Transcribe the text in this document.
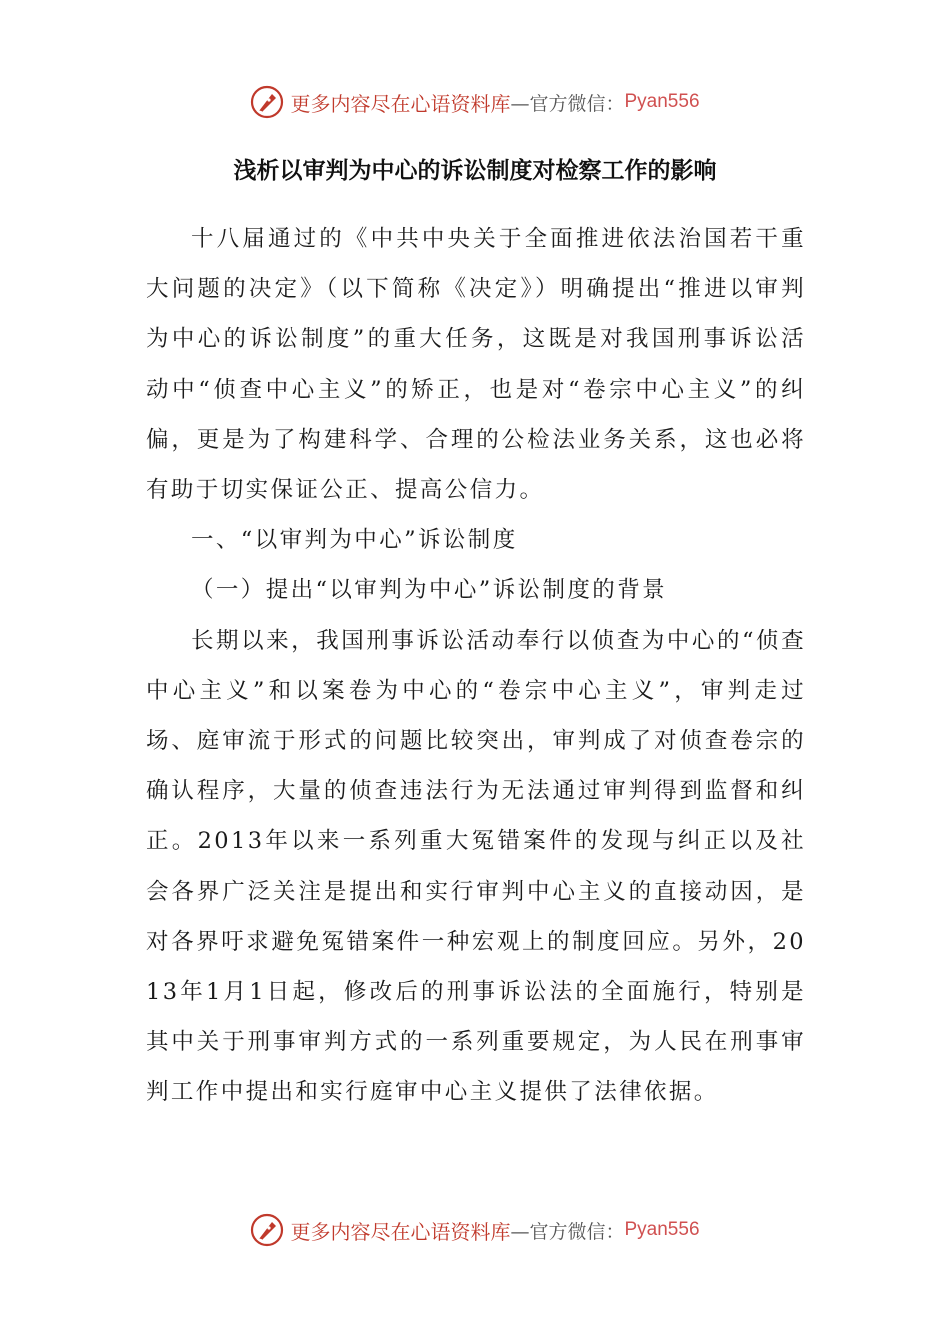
更多内容尽在心语资料库 —官方微信： Pyan556
浅析以审判为中心的诉讼制度对检察工作的影响

十八届通过的《中共中央关于全面推进依法治国若干重大问题的决定》（以下简称《决定》）明确提出“推进以审判为中心的诉讼制度”的重大任务，这既是对我国刑事诉讼活动中“侦查中心主义”的矫正，也是对“卷宗中心主义”的纠偏，更是为了构建科学、合理的公检法业务关系，这也必将有助于切实保证公正、提高公信力。

一、“以审判为中心”诉讼制度

（一）提出“以审判为中心”诉讼制度的背景

长期以来，我国刑事诉讼活动奉行以侦查为中心的“侦查中心主义”和以案卷为中心的“卷宗中心主义”，审判走过场、庭审流于形式的问题比较突出，审判成了对侦查卷宗的确认程序，大量的侦查违法行为无法通过审判得到监督和纠正。2013年以来一系列重大冤错案件的发现与纠正以及社会各界广泛关注是提出和实行审判中心主义的直接动因，是对各界吁求避免冤错案件一种宏观上的制度回应。另外，2013年1月1日起，修改后的刑事诉讼法的全面施行，特别是其中关于刑事审判方式的一系列重要规定，为人民在刑事审判工作中提出和实行庭审中心主义提供了法律依据。

更多内容尽在心语资料库 —官方微信： Pyan556
